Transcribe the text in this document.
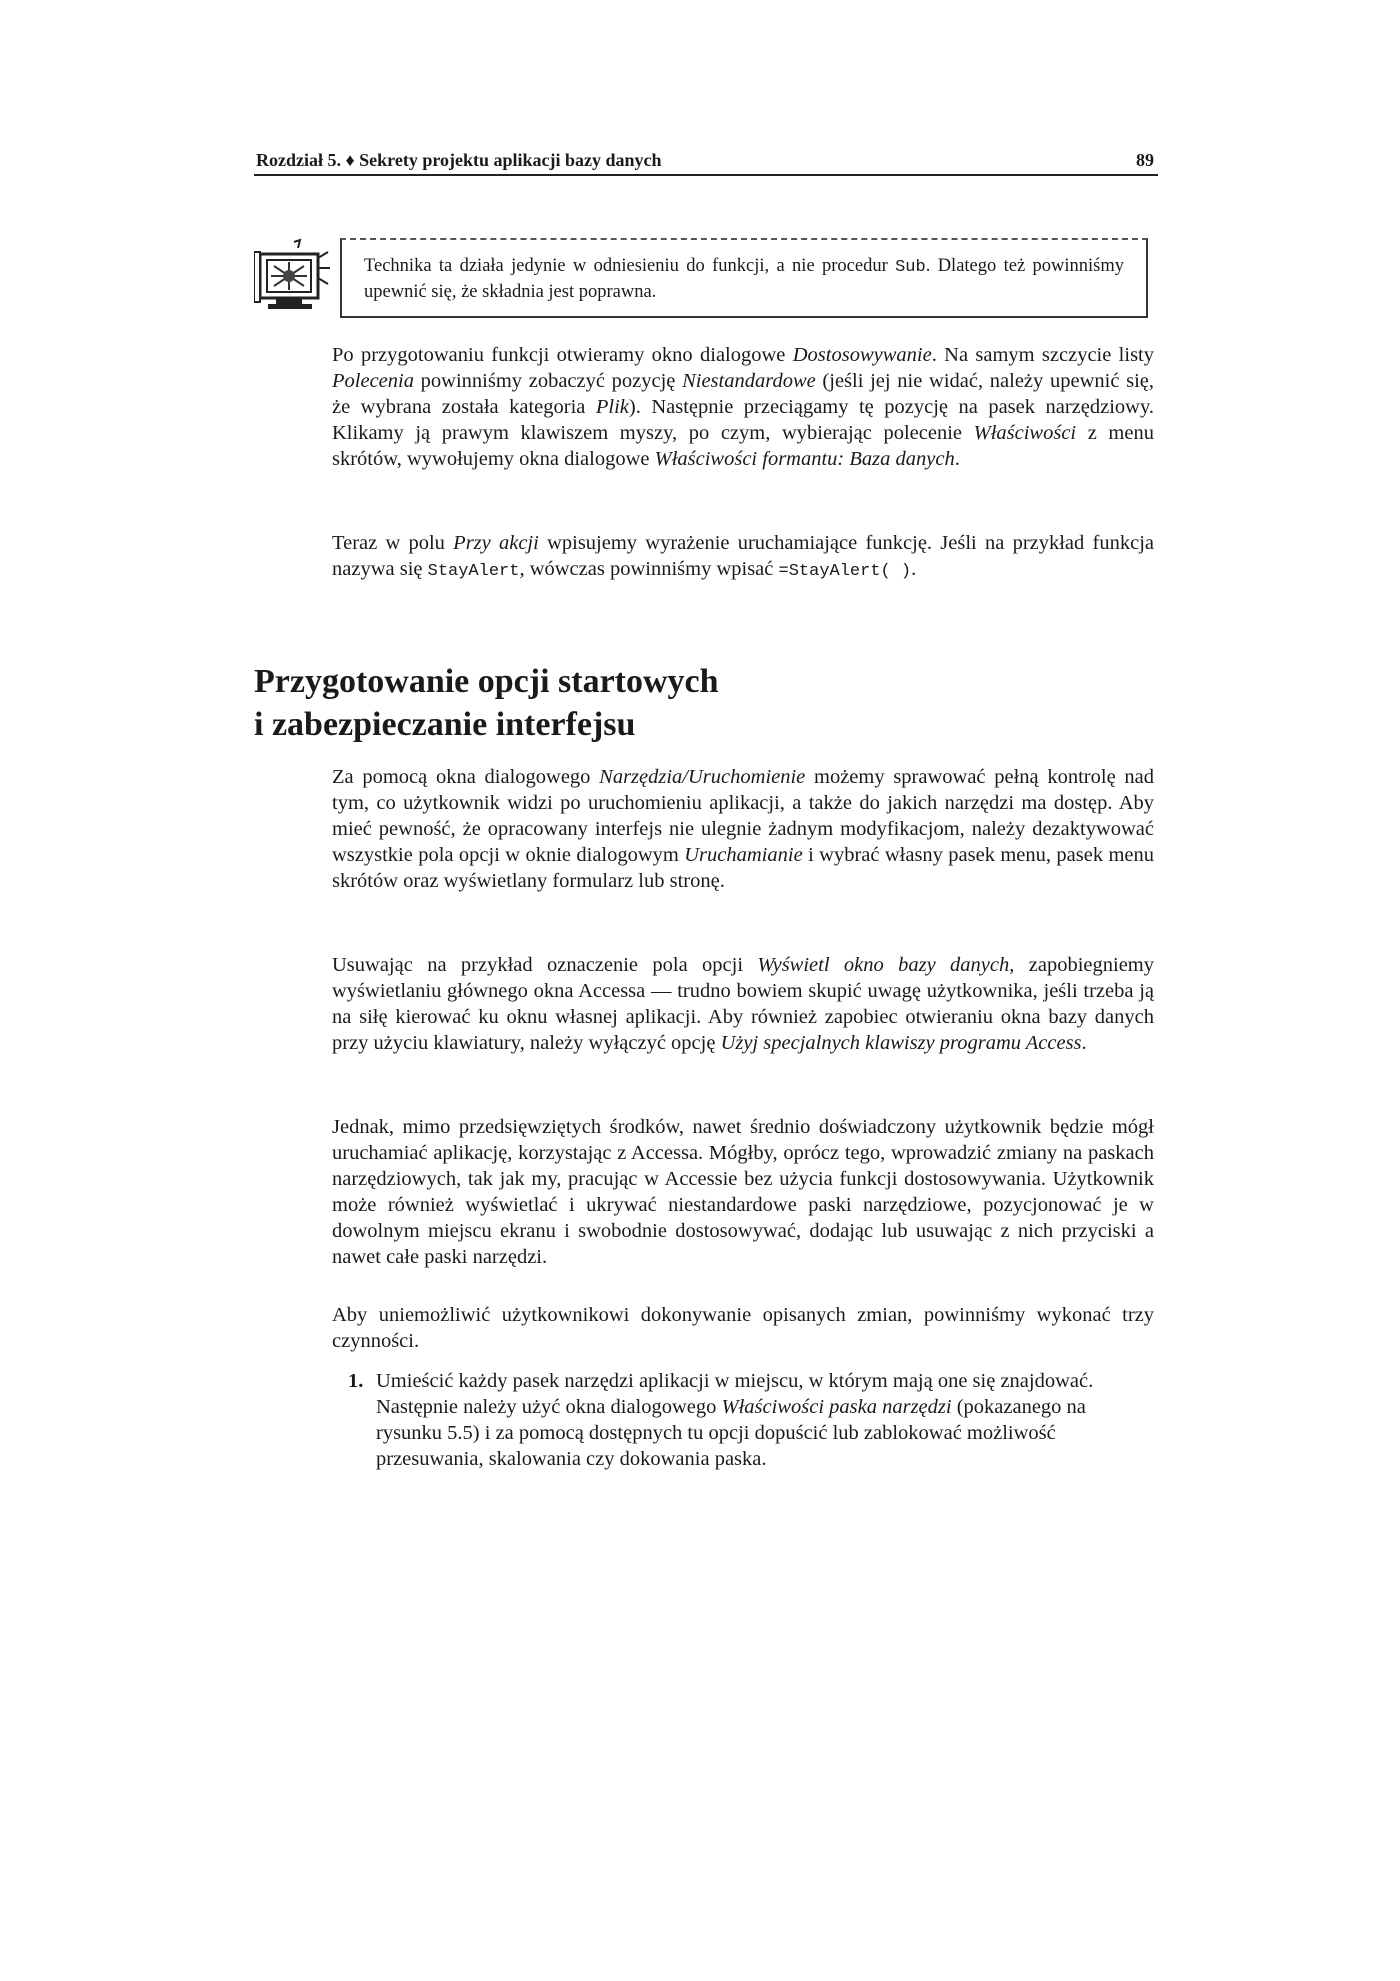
Rozdział 5. ♦ Sekrety projektu aplikacji bazy danych	89
Technika ta działa jedynie w odniesieniu do funkcji, a nie procedur Sub. Dlatego też powinniśmy upewnić się, że składnia jest poprawna.

Po przygotowaniu funkcji otwieramy okno dialogowe Dostosowywanie. Na samym szczycie listy Polecenia powinniśmy zobaczyć pozycję Niestandardowe (jeśli jej nie widać, należy upewnić się, że wybrana została kategoria Plik). Następnie przeciągamy tę pozycję na pasek narzędziowy. Klikamy ją prawym klawiszem myszy, po czym, wybierając polecenie Właściwości z menu skrótów, wywołujemy okna dialogowe Właściwości formantu: Baza danych.

Teraz w polu Przy akcji wpisujemy wyrażenie uruchamiające funkcję. Jeśli na przykład funkcja nazywa się StayAlert, wówczas powinniśmy wpisać =StayAlert( ).

Przygotowanie opcji startowych
i zabezpieczanie interfejsu

Za pomocą okna dialogowego Narzędzia/Uruchomienie możemy sprawować pełną kontrolę nad tym, co użytkownik widzi po uruchomieniu aplikacji, a także do jakich narzędzi ma dostęp. Aby mieć pewność, że opracowany interfejs nie ulegnie żadnym modyfikacjom, należy dezaktywować wszystkie pola opcji w oknie dialogowym Uruchamianie i wybrać własny pasek menu, pasek menu skrótów oraz wyświetlany formularz lub stronę.

Usuwając na przykład oznaczenie pola opcji Wyświetl okno bazy danych, zapobiegniemy wyświetlaniu głównego okna Accessa — trudno bowiem skupić uwagę użytkownika, jeśli trzeba ją na siłę kierować ku oknu własnej aplikacji. Aby również zapobiec otwieraniu okna bazy danych przy użyciu klawiatury, należy wyłączyć opcję Użyj specjalnych klawiszy programu Access.

Jednak, mimo przedsięwziętych środków, nawet średnio doświadczony użytkownik będzie mógł uruchamiać aplikację, korzystając z Accessa. Mógłby, oprócz tego, wprowadzić zmiany na paskach narzędziowych, tak jak my, pracując w Accessie bez użycia funkcji dostosowywania. Użytkownik może również wyświetlać i ukrywać niestandardowe paski narzędziowe, pozycjonować je w dowolnym miejscu ekranu i swobodnie dostosowywać, dodając lub usuwając z nich przyciski a nawet całe paski narzędzi.

Aby uniemożliwić użytkownikowi dokonywanie opisanych zmian, powinniśmy wykonać trzy czynności.

1. Umieścić każdy pasek narzędzi aplikacji w miejscu, w którym mają one się znajdować. Następnie należy użyć okna dialogowego Właściwości paska narzędzi (pokazanego na rysunku 5.5) i za pomocą dostępnych tu opcji dopuścić lub zablokować możliwość przesuwania, skalowania czy dokowania paska.
